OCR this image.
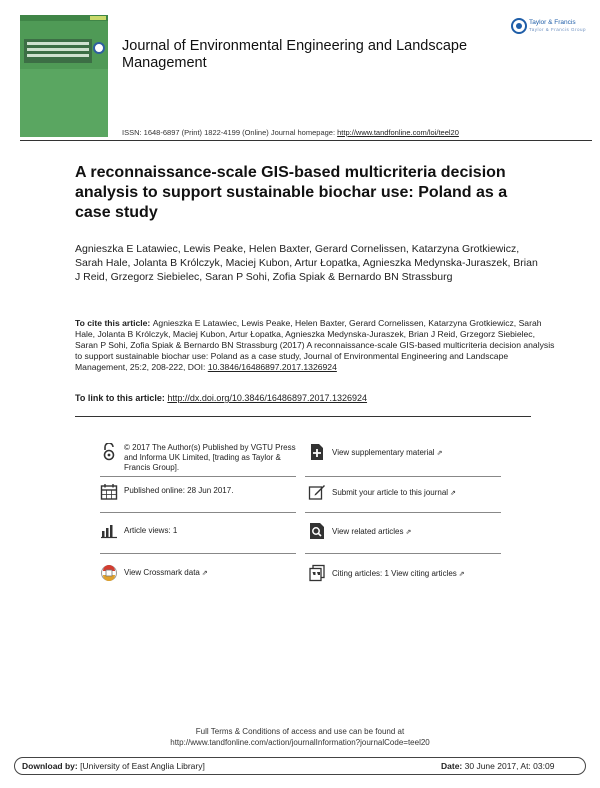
Journal of Environmental Engineering and Landscape Management
Taylor & Francis
Taylor & Francis Group
ISSN: 1648-6897 (Print) 1822-4199 (Online) Journal homepage: http://www.tandfonline.com/loi/teel20
A reconnaissance-scale GIS-based multicriteria decision analysis to support sustainable biochar use: Poland as a case study
Agnieszka E Latawiec, Lewis Peake, Helen Baxter, Gerard Cornelissen, Katarzyna Grotkiewicz, Sarah Hale, Jolanta B Królczyk, Maciej Kubon, Artur Łopatka, Agnieszka Medynska-Juraszek, Brian J Reid, Grzegorz Siebielec, Saran P Sohi, Zofia Spiak & Bernardo BN Strassburg
To cite this article: Agnieszka E Latawiec, Lewis Peake, Helen Baxter, Gerard Cornelissen, Katarzyna Grotkiewicz, Sarah Hale, Jolanta B Królczyk, Maciej Kubon, Artur Łopatka, Agnieszka Medynska-Juraszek, Brian J Reid, Grzegorz Siebielec, Saran P Sohi, Zofia Spiak & Bernardo BN Strassburg (2017) A reconnaissance-scale GIS-based multicriteria decision analysis to support sustainable biochar use: Poland as a case study, Journal of Environmental Engineering and Landscape Management, 25:2, 208-222, DOI: 10.3846/16486897.2017.1326924
To link to this article: http://dx.doi.org/10.3846/16486897.2017.1326924
© 2017 The Author(s) Published by VGTU Press and Informa UK Limited, [trading as Taylor & Francis Group].
Published online: 28 Jun 2017.
Article views: 1
View Crossmark data ⇗
View supplementary material ⇗
Submit your article to this journal ⇗
View related articles ⇗
Citing articles: 1 View citing articles ⇗
Full Terms & Conditions of access and use can be found at
http://www.tandfonline.com/action/journalInformation?journalCode=teel20
Download by: [University of East Anglia Library]	Date: 30 June 2017, At: 03:09
